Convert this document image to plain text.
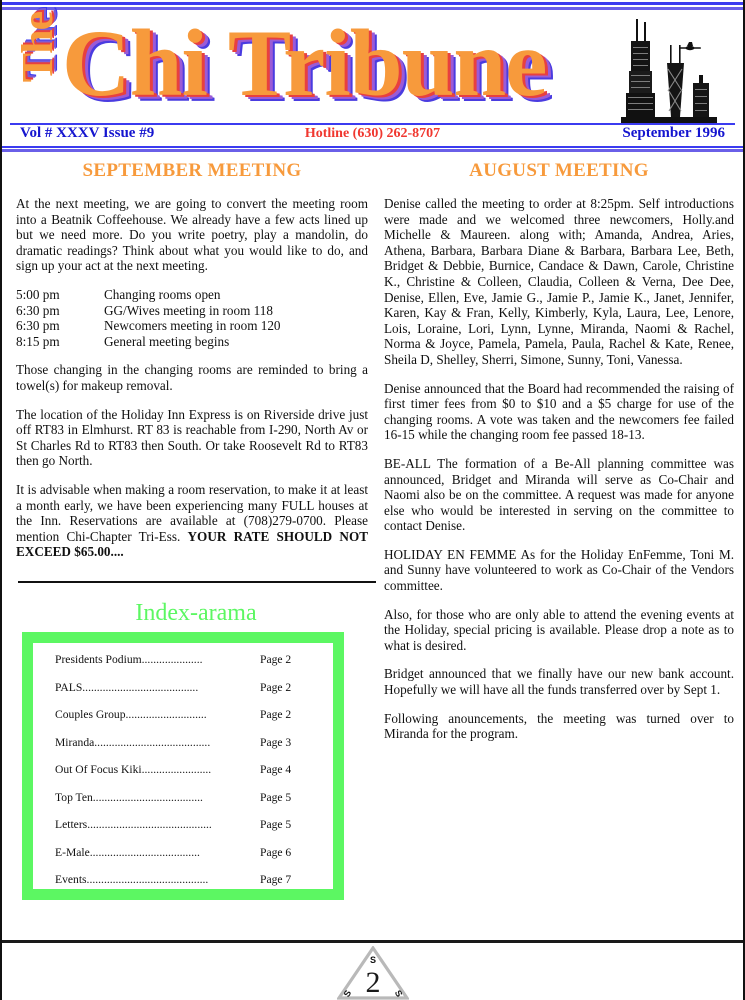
The Chi Tribune
Vol # XXXV Issue #9	Hotline (630) 262-8707	September 1996
SEPTEMBER MEETING

At the next meeting, we are going to convert the meeting room into a Beatnik Coffeehouse. We already have a few acts lined up but we need more. Do you write poetry, play a mandolin, do dramatic readings? Think about what you would like to do, and sign up your act at the next meeting.

5:00 pm	Changing rooms open
6:30 pm	GG/Wives meeting in room 118
6:30 pm	Newcomers meeting in room 120
8:15 pm	General meeting begins

Those changing in the changing rooms are reminded to bring a towel(s) for makeup removal.

The location of the Holiday Inn Express is on Riverside drive just off RT83 in Elmhurst. RT 83 is reachable from I-290, North Av or St Charles Rd to RT83 then South. Or take Roosevelt Rd to RT83 then go North.

It is advisable when making a room reservation, to make it at least a month early, we have been experiencing many FULL houses at the Inn. Reservations are available at (708)279-0700. Please mention Chi-Chapter Tri-Ess. YOUR RATE SHOULD NOT EXCEED $65.00....

Index-arama
Presidents Podium.....................	Page 2
PALS........................................	Page 2
Couples Group............................	Page 2
Miranda........................................	Page 3
Out Of Focus Kiki........................	Page 4
Top Ten......................................	Page 5
Letters...........................................	Page 5
E-Male......................................	Page 6
Events..........................................	Page 7
AUGUST MEETING

Denise called the meeting to order at 8:25pm. Self introductions were made and we welcomed three newcomers, Holly.and Michelle & Maureen. along with; Amanda, Andrea, Aries, Athena, Barbara, Barbara Diane & Barbara, Barbara Lee, Beth, Bridget & Debbie, Burnice, Candace & Dawn, Carole, Christine K., Christine & Colleen, Claudia, Colleen & Verna, Dee Dee, Denise, Ellen, Eve, Jamie G., Jamie P., Jamie K., Janet, Jennifer, Karen, Kay & Fran, Kelly, Kimberly, Kyla, Laura, Lee, Lenore, Lois, Loraine, Lori, Lynn, Lynne, Miranda, Naomi & Rachel, Norma & Joyce, Pamela, Pamela, Paula, Rachel & Kate, Renee, Sheila D, Shelley, Sherri, Simone, Sunny, Toni, Vanessa.

Denise announced that the Board had recommended the raising of first timer fees from $0 to $10 and a $5 charge for use of the changing rooms. A vote was taken and the newcomers fee failed 16-15 while the changing room fee passed 18-13.

BE-ALL The formation of a Be-All planning committee was announced, Bridget and Miranda will serve as Co-Chair and Naomi also be on the committee. A request was made for anyone else who would be interested in serving on the committee to contact Denise.

HOLIDAY EN FEMME As for the Holiday EnFemme, Toni M. and Sunny have volunteered to work as Co-Chair of the Vendors committee.

Also, for those who are only able to attend the evening events at the Holiday, special pricing is available. Please drop a note as to what is desired.

Bridget announced that we finally have our new bank account. Hopefully we will have all the funds transferred over by Sept 1.

Following anouncements, the meeting was turned over to Miranda for the program.

S
S	S
2
